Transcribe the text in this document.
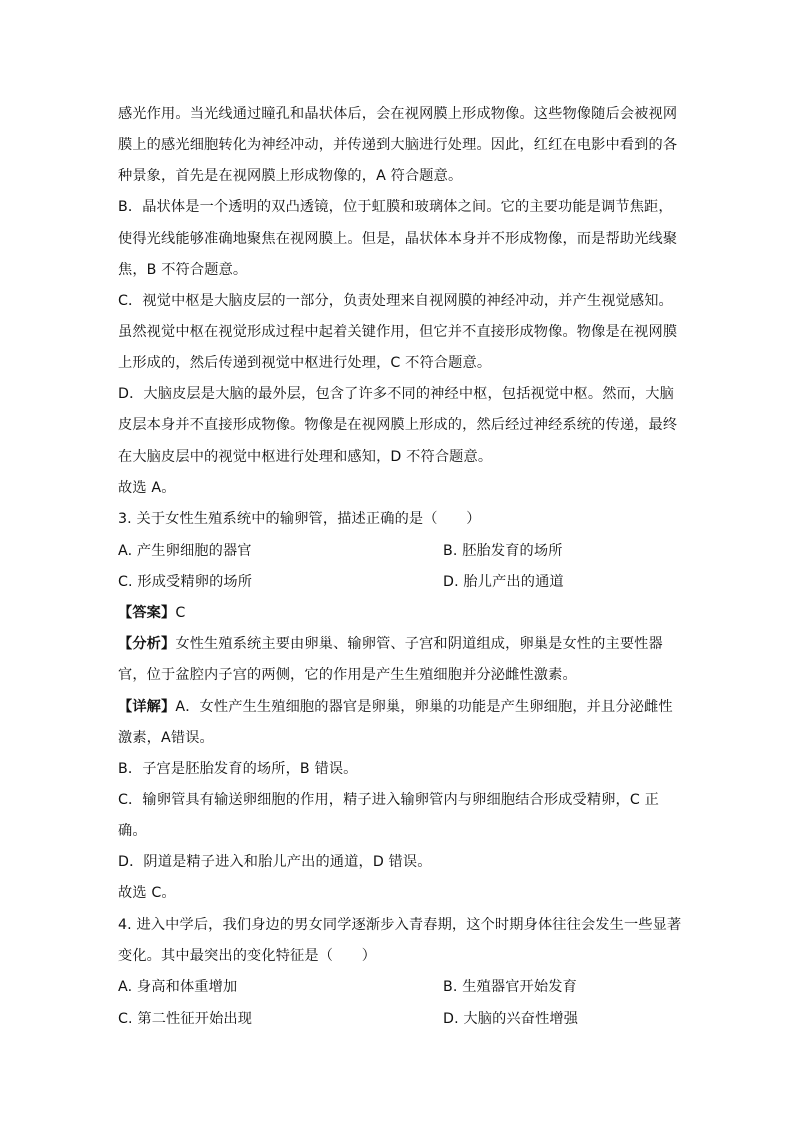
感光作用。当光线通过瞳孔和晶状体后，会在视网膜上形成物像。这些物像随后会被视网
膜上的感光细胞转化为神经冲动，并传递到大脑进行处理。因此，红红在电影中看到的各
种景象，首先是在视网膜上形成物像的，A 符合题意。
B．晶状体是一个透明的双凸透镜，位于虹膜和玻璃体之间。它的主要功能是调节焦距，
使得光线能够准确地聚焦在视网膜上。但是，晶状体本身并不形成物像，而是帮助光线聚
焦，B 不符合题意。
C．视觉中枢是大脑皮层的一部分，负责处理来自视网膜的神经冲动，并产生视觉感知。
虽然视觉中枢在视觉形成过程中起着关键作用，但它并不直接形成物像。物像是在视网膜
上形成的，然后传递到视觉中枢进行处理，C 不符合题意。
D．大脑皮层是大脑的最外层，包含了许多不同的神经中枢，包括视觉中枢。然而，大脑
皮层本身并不直接形成物像。物像是在视网膜上形成的，然后经过神经系统的传递，最终
在大脑皮层中的视觉中枢进行处理和感知，D 不符合题意。
故选 A。
3. 关于女性生殖系统中的输卵管，描述正确的是（　　）
A. 产生卵细胞的器官	B. 胚胎发育的场所
C. 形成受精卵的场所	D. 胎儿产出的通道
【答案】C
【分析】女性生殖系统主要由卵巢、输卵管、子宫和阴道组成，卵巢是女性的主要性器
官，位于盆腔内子宫的两侧，它的作用是产生生殖细胞并分泌雌性激素。
【详解】A．女性产生生殖细胞的器官是卵巢，卵巢的功能是产生卵细胞，并且分泌雌性
激素，A错误。
B．子宫是胚胎发育的场所，B 错误。
C．输卵管具有输送卵细胞的作用，精子进入输卵管内与卵细胞结合形成受精卵，C 正
确。
D．阴道是精子进入和胎儿产出的通道，D 错误。
故选 C。
4. 进入中学后，我们身边的男女同学逐渐步入青春期，这个时期身体往往会发生一些显著
变化。其中最突出的变化特征是（　　）
A. 身高和体重增加	B. 生殖器官开始发育
C. 第二性征开始出现	D. 大脑的兴奋性增强
